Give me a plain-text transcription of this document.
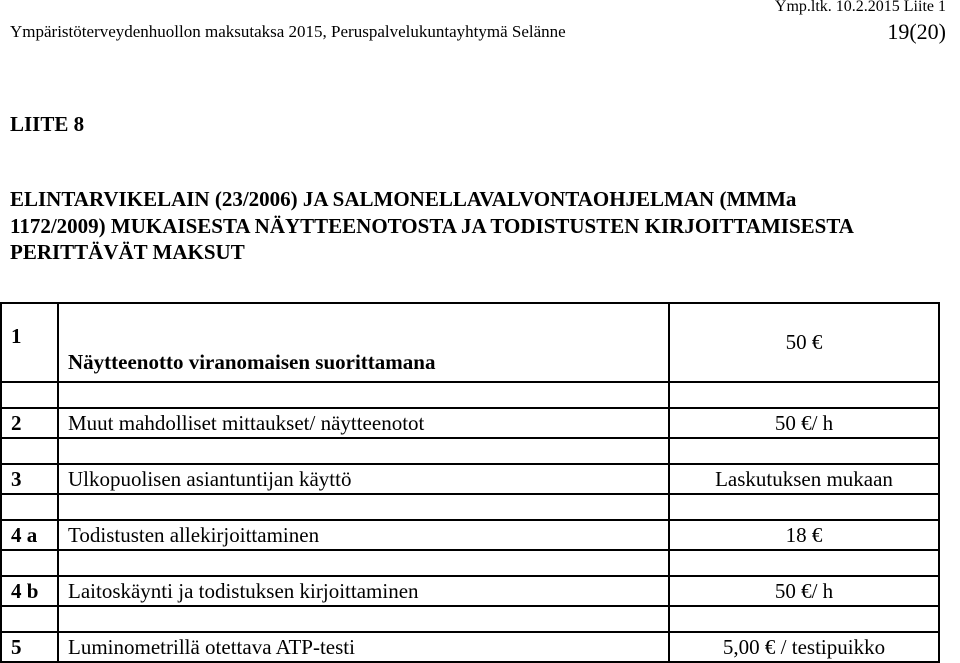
Ymp.ltk. 10.2.2015 Liite 1
Ympäristöterveydenhuollon maksutaksa 2015, Peruspalvelukuntayhtymä Selänne	19(20)
LIITE 8
ELINTARVIKELAIN (23/2006) JA SALMONELLAVALVONTAOHJELMAN (MMMa
1172/2009) MUKAISESTA NÄYTTEENOTOSTA JA TODISTUSTEN KIRJOITTAMISESTA
PERITTÄVÄT MAKSUT
1	Näytteenotto viranomaisen suorittamana	50 €

2	Muut mahdolliset mittaukset/ näytteenotot	50 €/ h

3	Ulkopuolisen asiantuntijan käyttö	Laskutuksen mukaan

4 a	Todistusten allekirjoittaminen	18 €

4 b	Laitoskäynti ja todistuksen kirjoittaminen	50 €/ h

5	Luminometrillä otettava ATP-testi	5,00 € / testipuikko
